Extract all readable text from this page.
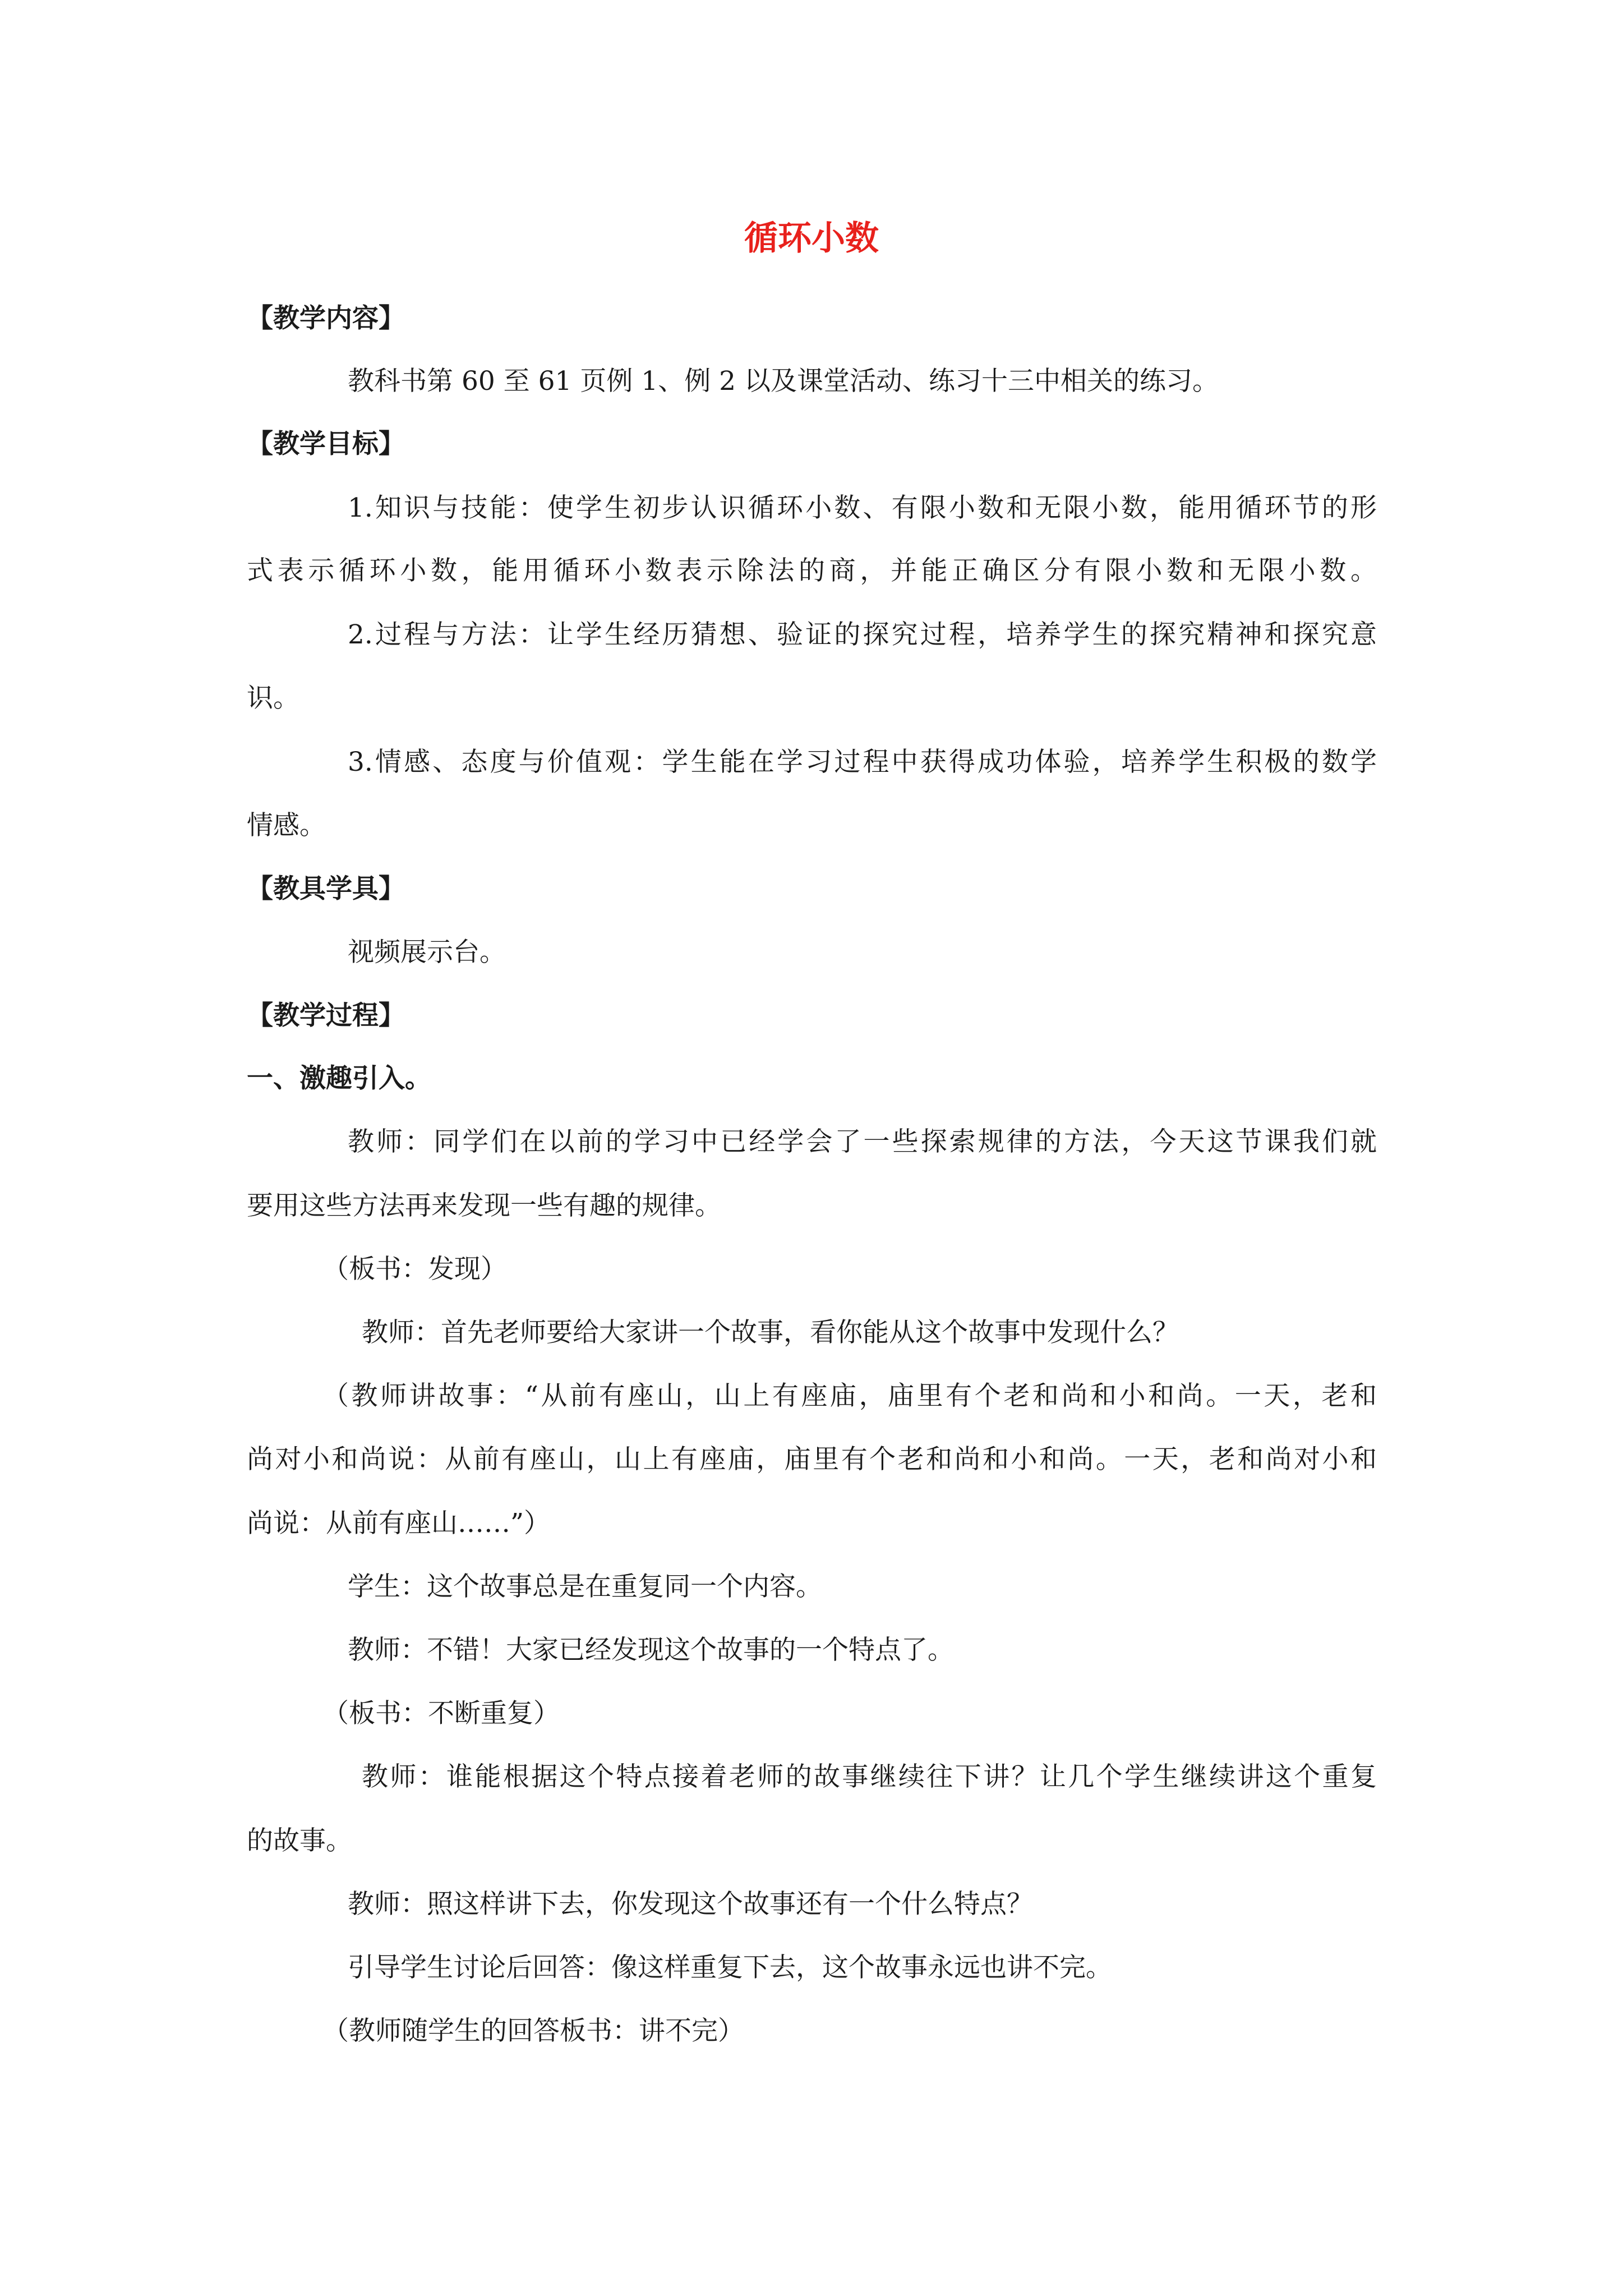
循环小数
【教学内容】
教科书第 60 至 61 页例 1、例 2 以及课堂活动、练习十三中相关的练习。
【教学目标】
1.知识与技能：使学生初步认识循环小数、有限小数和无限小数，能用循环节的形
式表示循环小数，能用循环小数表示除法的商，并能正确区分有限小数和无限小数。
2.过程与方法：让学生经历猜想、验证的探究过程，培养学生的探究精神和探究意
识。
3.情感、态度与价值观：学生能在学习过程中获得成功体验，培养学生积极的数学
情感。
【教具学具】
视频展示台。
【教学过程】
一、激趣引入。
教师：同学们在以前的学习中已经学会了一些探索规律的方法，今天这节课我们就
要用这些方法再来发现一些有趣的规律。
（板书：发现）
教师：首先老师要给大家讲一个故事，看你能从这个故事中发现什么？
（教师讲故事：“从前有座山，山上有座庙，庙里有个老和尚和小和尚。一天，老和
尚对小和尚说：从前有座山，山上有座庙，庙里有个老和尚和小和尚。一天，老和尚对小和
尚说：从前有座山……”）
学生：这个故事总是在重复同一个内容。
教师：不错！大家已经发现这个故事的一个特点了。
（板书：不断重复）
教师：谁能根据这个特点接着老师的故事继续往下讲？让几个学生继续讲这个重复
的故事。
教师：照这样讲下去，你发现这个故事还有一个什么特点？
引导学生讨论后回答：像这样重复下去，这个故事永远也讲不完。
（教师随学生的回答板书：讲不完）
